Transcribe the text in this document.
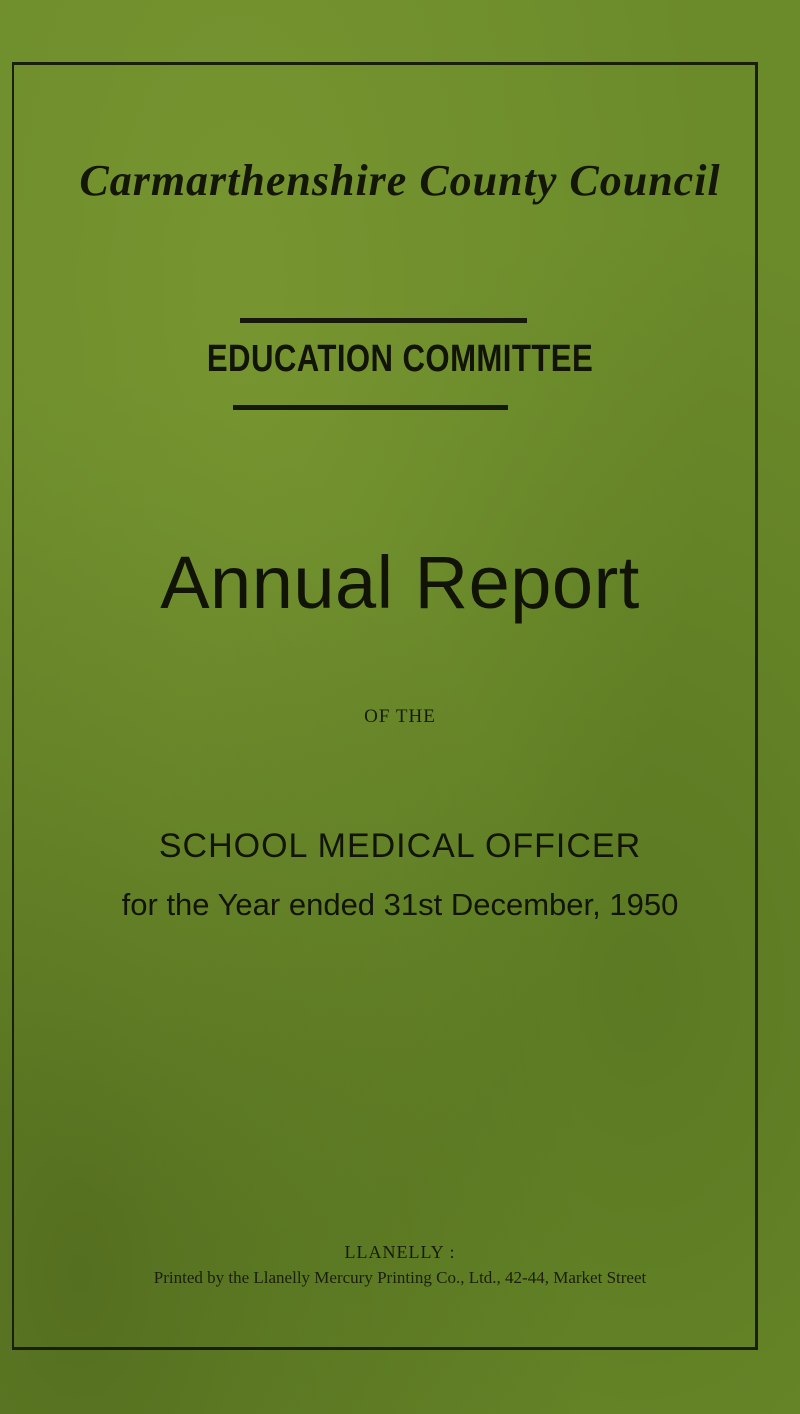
Carmarthenshire County Council
EDUCATION COMMITTEE
Annual Report
OF THE
SCHOOL MEDICAL OFFICER
for the Year ended 31st December, 1950
LLANELLY :
Printed by the Llanelly Mercury Printing Co., Ltd., 42-44, Market Street
